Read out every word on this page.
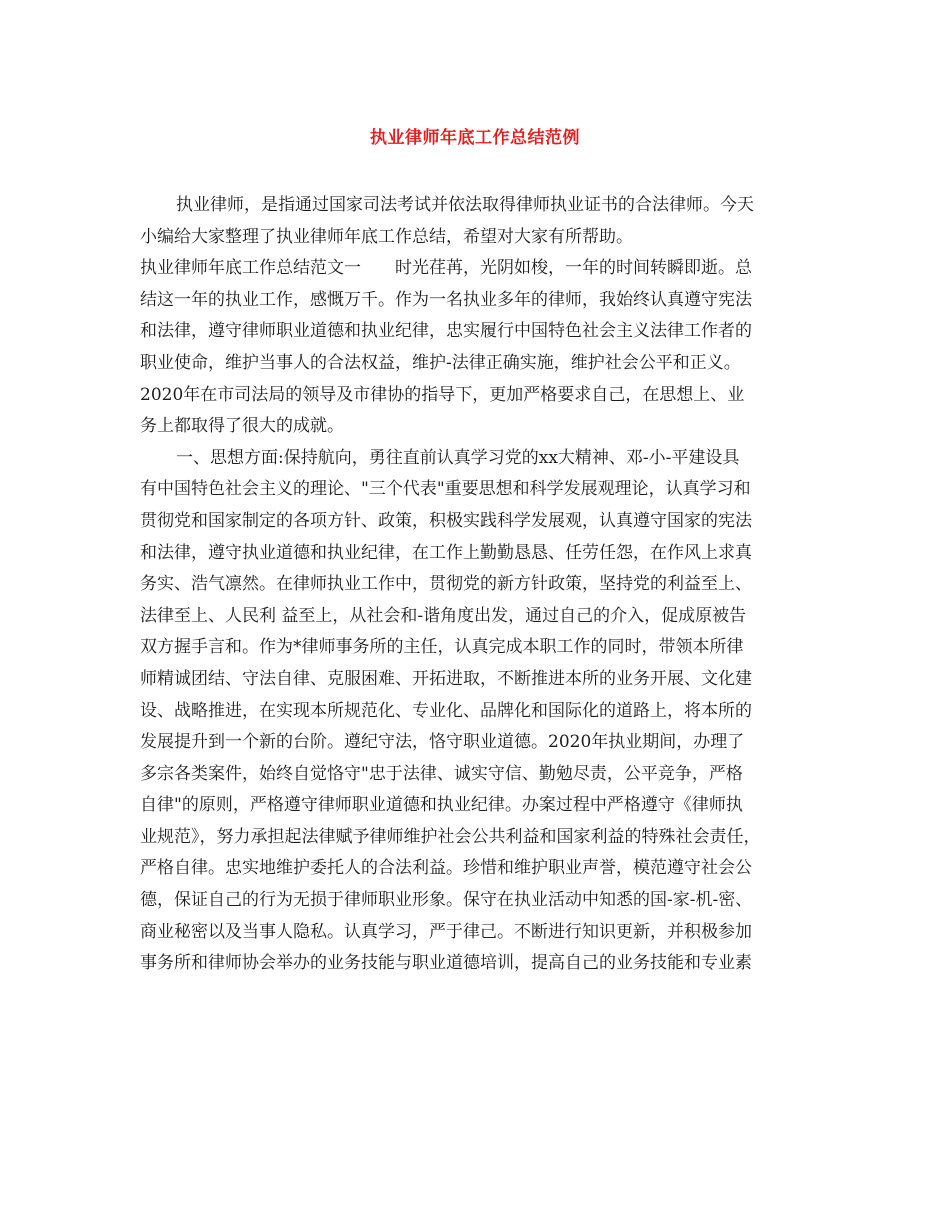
执业律师年底工作总结范例
执业律师，是指通过国家司法考试并依法取得律师执业证书的合法律师。今天
小编给大家整理了执业律师年底工作总结，希望对大家有所帮助。
执业律师年底工作总结范文一　　时光荏苒，光阴如梭，一年的时间转瞬即逝。总
结这一年的执业工作，感慨万千。作为一名执业多年的律师，我始终认真遵守宪法
和法律，遵守律师职业道德和执业纪律，忠实履行中国特色社会主义法律工作者的
职业使命，维护当事人的合法权益，维护-法律正确实施，维护社会公平和正义。
2020年在市司法局的领导及市律协的指导下，更加严格要求自己，在思想上、业
务上都取得了很大的成就。
一、思想方面:保持航向，勇往直前认真学习党的xx大精神、邓-小-平建设具
有中国特色社会主义的理论、"三个代表"重要思想和科学发展观理论，认真学习和
贯彻党和国家制定的各项方针、政策，积极实践科学发展观，认真遵守国家的宪法
和法律，遵守执业道德和执业纪律，在工作上勤勤恳恳、任劳任怨，在作风上求真
务实、浩气凛然。在律师执业工作中，贯彻党的新方针政策，坚持党的利益至上、
法律至上、人民利 益至上，从社会和-谐角度出发，通过自己的介入，促成原被告
双方握手言和。作为*律师事务所的主任，认真完成本职工作的同时，带领本所律
师精诚团结、守法自律、克服困难、开拓进取，不断推进本所的业务开展、文化建
设、战略推进，在实现本所规范化、专业化、品牌化和国际化的道路上，将本所的
发展提升到一个新的台阶。遵纪守法，恪守职业道德。2020年执业期间，办理了
多宗各类案件，始终自觉恪守"忠于法律、诚实守信、勤勉尽责，公平竞争，严格
自律"的原则，严格遵守律师职业道德和执业纪律。办案过程中严格遵守《律师执
业规范》，努力承担起法律赋予律师维护社会公共利益和国家利益的特殊社会责任，
严格自律。忠实地维护委托人的合法利益。珍惜和维护职业声誉，模范遵守社会公
德，保证自己的行为无损于律师职业形象。保守在执业活动中知悉的国-家-机-密、
商业秘密以及当事人隐私。认真学习，严于律己。不断进行知识更新，并积极参加
事务所和律师协会举办的业务技能与职业道德培训，提高自己的业务技能和专业素
